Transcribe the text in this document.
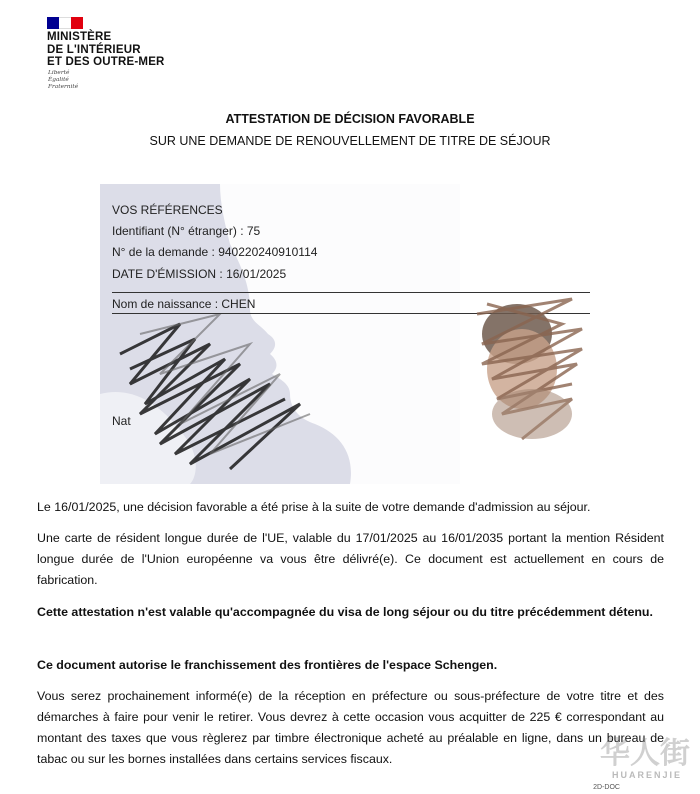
MINISTÈRE
DE L'INTÉRIEUR
ET DES OUTRE-MER
Liberté
Égalité
Fraternité
ATTESTATION DE DÉCISION FAVORABLE
SUR UNE DEMANDE DE RENOUVELLEMENT DE TITRE DE SÉJOUR
VOS RÉFÉRENCES
Identifiant (N° étranger) : 75
N° de la demande : 940220240910114
DATE D'ÉMISSION : 16/01/2025
Nom de naissance : CHEN
Nat
Le 16/01/2025, une décision favorable a été prise à la suite de votre demande d'admission au séjour.
Une carte de résident longue durée de l'UE, valable du 17/01/2025 au 16/01/2035 portant la mention Résident longue durée de l'Union européenne va vous être délivré(e). Ce document est actuellement en cours de fabrication.
Cette attestation n'est valable qu'accompagnée du visa de long séjour ou du titre précédemment détenu.
Ce document autorise le franchissement des frontières de l'espace Schengen.
Vous serez prochainement informé(e) de la réception en préfecture ou sous-préfecture de votre titre et des démarches à faire pour venir le retirer. Vous devrez à cette occasion vous acquitter de 225 € correspondant au montant des taxes que vous règlerez par timbre électronique acheté au préalable en ligne, dans un bureau de tabac ou sur les bornes installées dans certains services fiscaux.	华人街
HUARENJIE
2D-DOC
